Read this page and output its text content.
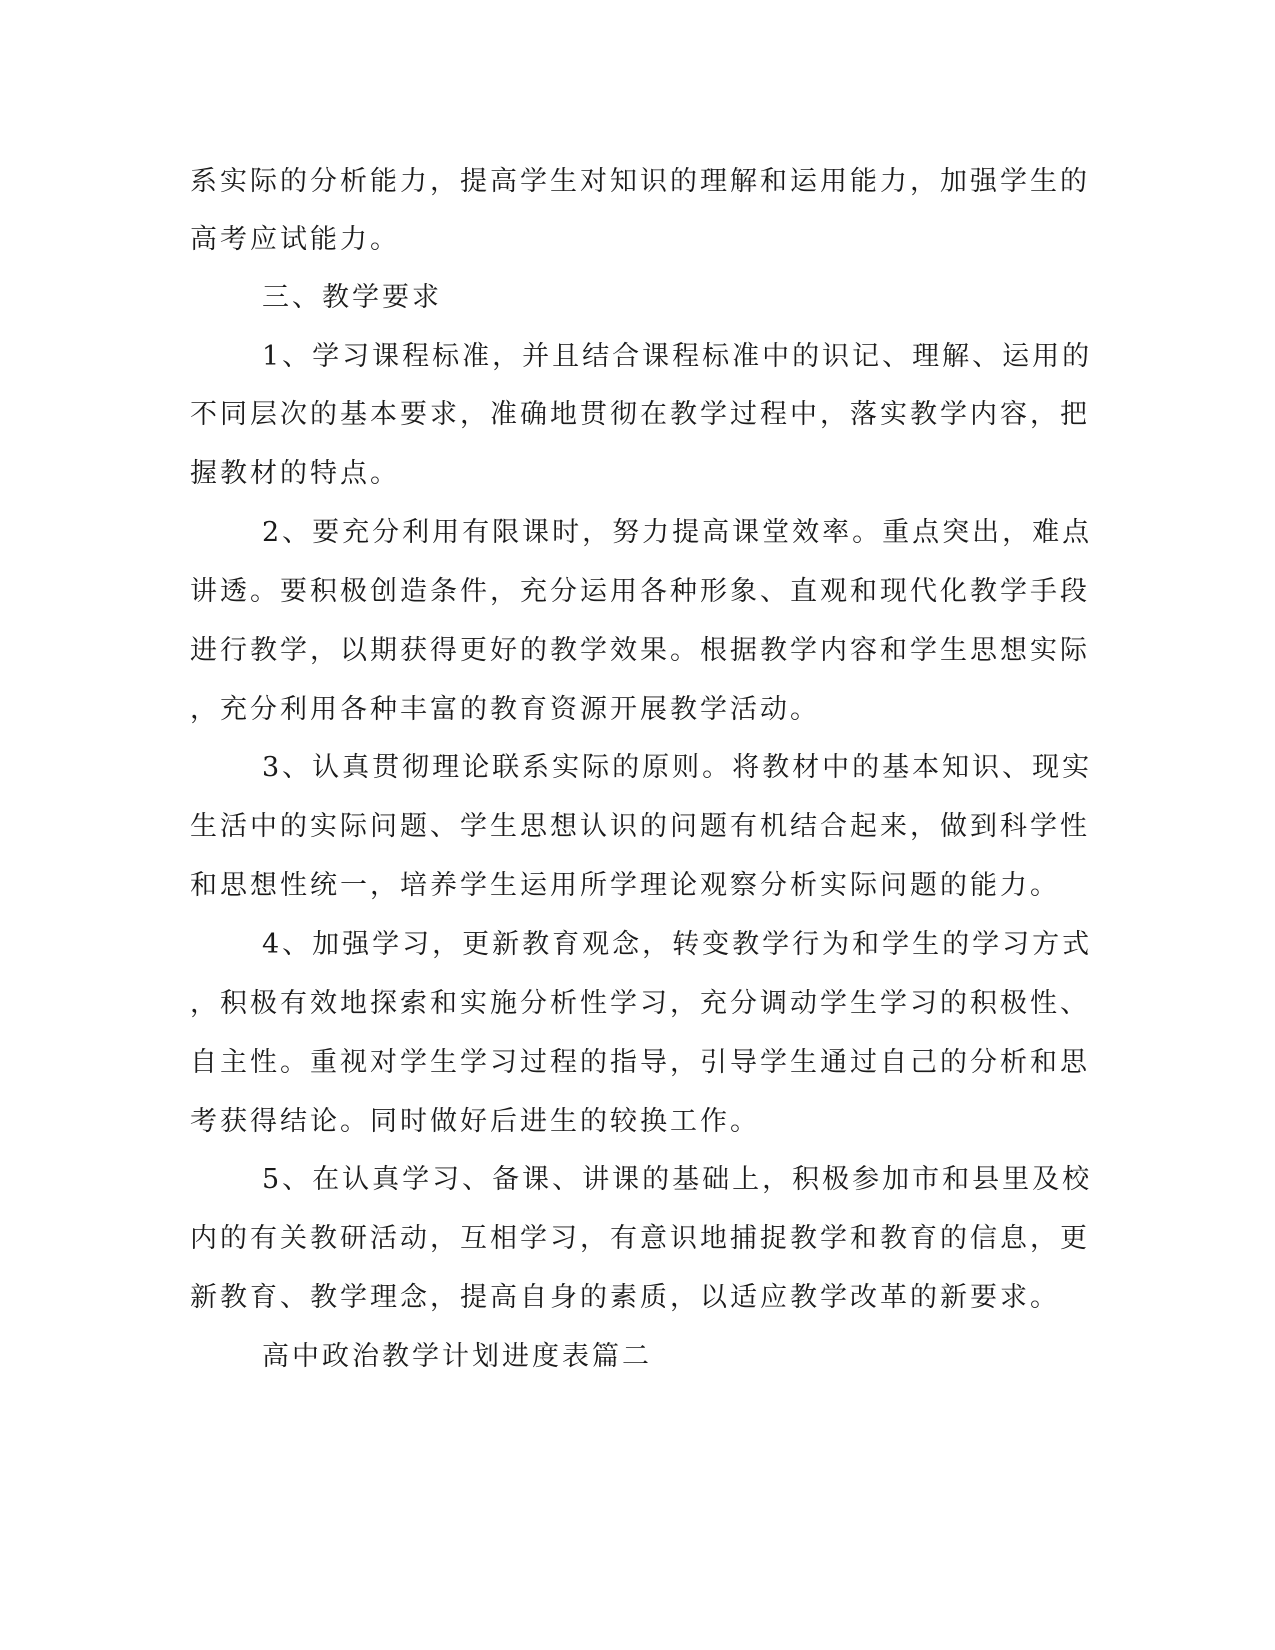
系实际的分析能力，提高学生对知识的理解和运用能力，加强学生的
高考应试能力。
三、教学要求
1、学习课程标准，并且结合课程标准中的识记、理解、运用的
不同层次的基本要求，准确地贯彻在教学过程中，落实教学内容，把
握教材的特点。
2、要充分利用有限课时，努力提高课堂效率。重点突出，难点
讲透。要积极创造条件，充分运用各种形象、直观和现代化教学手段
进行教学，以期获得更好的教学效果。根据教学内容和学生思想实际
，充分利用各种丰富的教育资源开展教学活动。
3、认真贯彻理论联系实际的原则。将教材中的基本知识、现实
生活中的实际问题、学生思想认识的问题有机结合起来，做到科学性
和思想性统一，培养学生运用所学理论观察分析实际问题的能力。
4、加强学习，更新教育观念，转变教学行为和学生的学习方式
，积极有效地探索和实施分析性学习，充分调动学生学习的积极性、
自主性。重视对学生学习过程的指导，引导学生通过自己的分析和思
考获得结论。同时做好后进生的较换工作。
5、在认真学习、备课、讲课的基础上，积极参加市和县里及校
内的有关教研活动，互相学习，有意识地捕捉教学和教育的信息，更
新教育、教学理念，提高自身的素质，以适应教学改革的新要求。
高中政治教学计划进度表篇二
